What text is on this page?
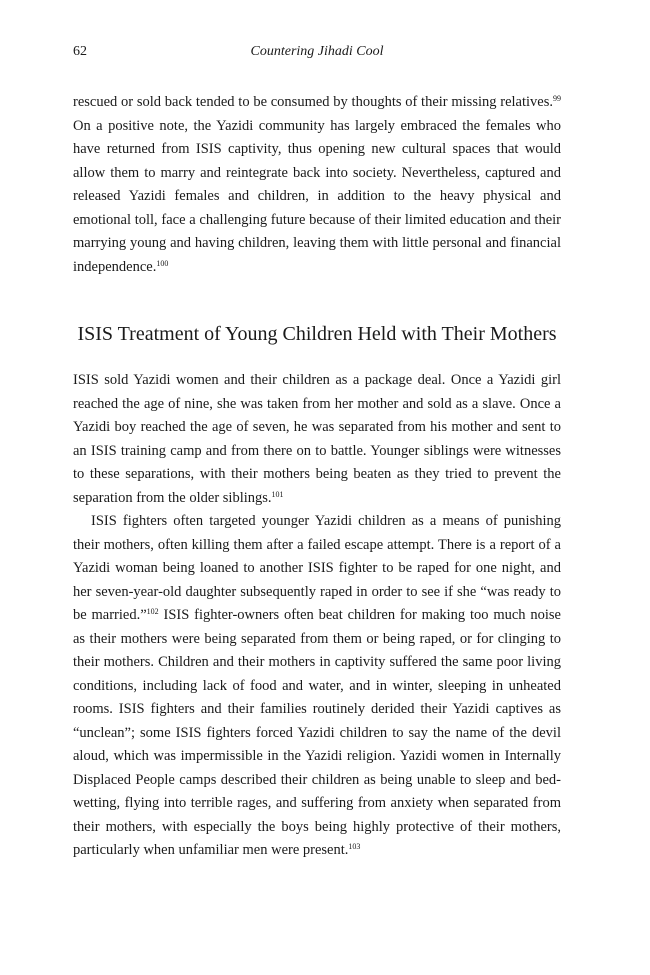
62	Countering Jihadi Cool

rescued or sold back tended to be consumed by thoughts of their missing relatives.$^{99}$ On a positive note, the Yazidi community has largely embraced the females who have returned from ISIS captivity, thus opening new cultural spaces that would allow them to marry and reintegrate back into society. Nevertheless, captured and released Yazidi females and children, in addition to the heavy physical and emotional toll, face a challenging future because of their limited education and their marrying young and having children, leaving them with little personal and financial independence.$^{100}$

ISIS Treatment of Young Children Held with Their Mothers

ISIS sold Yazidi women and their children as a package deal. Once a Yazidi girl reached the age of nine, she was taken from her mother and sold as a slave. Once a Yazidi boy reached the age of seven, he was separated from his mother and sent to an ISIS training camp and from there on to battle. Younger siblings were witnesses to these separations, with their mothers being beaten as they tried to prevent the separation from the older siblings.$^{101}$

ISIS fighters often targeted younger Yazidi children as a means of punishing their mothers, often killing them after a failed escape attempt. There is a report of a Yazidi woman being loaned to another ISIS fighter to be raped for one night, and her seven-year-old daughter subsequently raped in order to see if she “was ready to be married.”$^{102}$ ISIS fighter-owners often beat children for making too much noise as their mothers were being separated from them or being raped, or for clinging to their mothers. Children and their mothers in captivity suffered the same poor living conditions, including lack of food and water, and in winter, sleeping in unheated rooms. ISIS fighters and their families routinely derided their Yazidi captives as “unclean”; some ISIS fighters forced Yazidi children to say the name of the devil aloud, which was impermissible in the Yazidi religion. Yazidi women in Internally Displaced People camps described their children as being unable to sleep and bed-wetting, flying into terrible rages, and suffering from anxiety when separated from their mothers, with especially the boys being highly protective of their mothers, particularly when unfamiliar men were present.$^{103}$
